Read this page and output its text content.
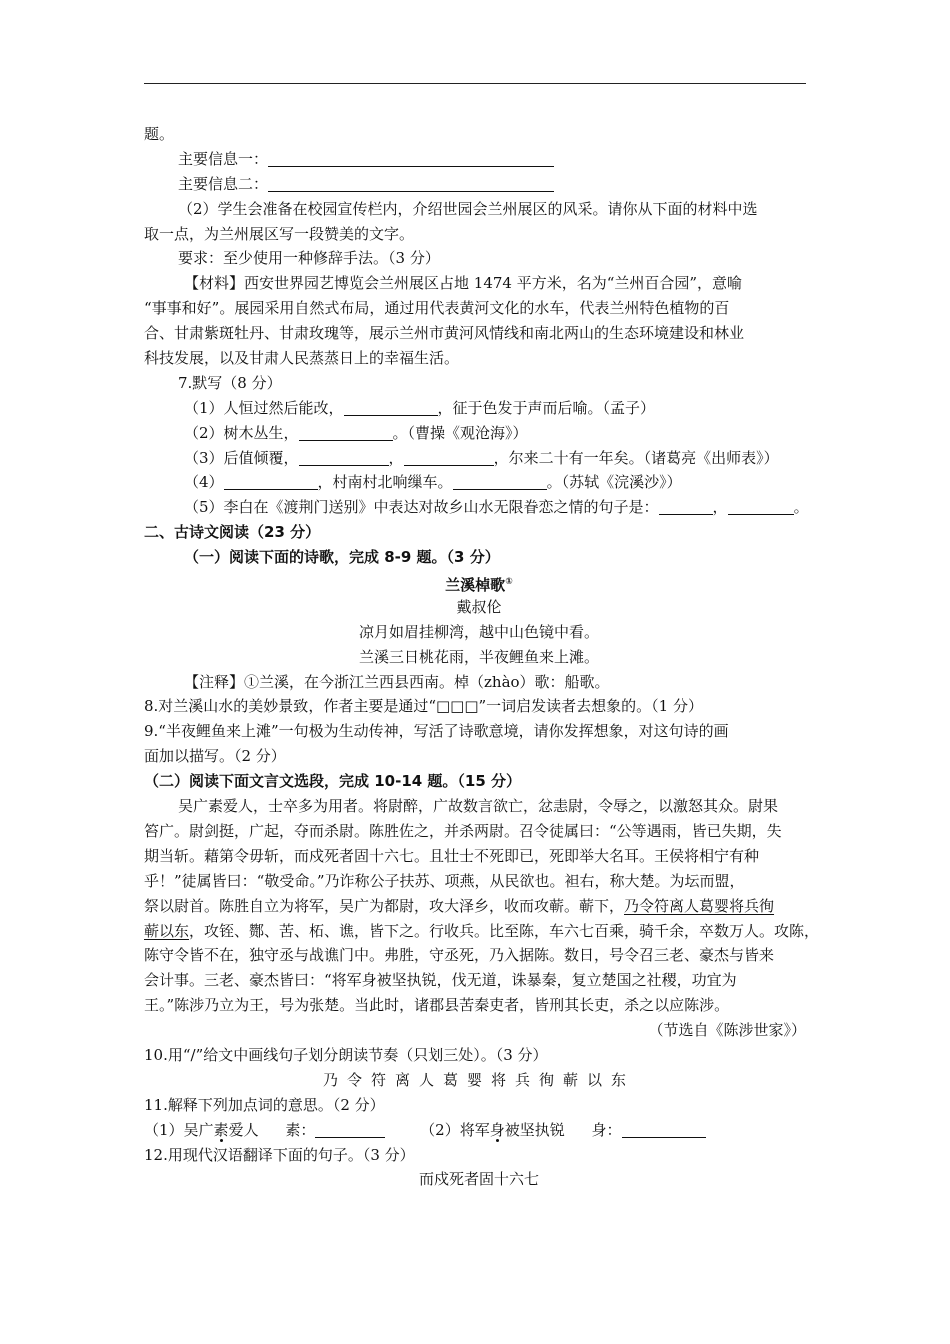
题。
主要信息一：
主要信息二：
（2）学生会准备在校园宣传栏内，介绍世园会兰州展区的风采。请你从下面的材料中选
取一点，为兰州展区写一段赞美的文字。
要求：至少使用一种修辞手法。（3 分）
【材料】西安世界园艺博览会兰州展区占地 1474 平方米，名为“兰州百合园”，意喻
“事事和好”。展园采用自然式布局，通过用代表黄河文化的水车，代表兰州特色植物的百
合、甘肃紫斑牡丹、甘肃玫瑰等，展示兰州市黄河风情线和南北两山的生态环境建设和林业
科技发展，以及甘肃人民蒸蒸日上的幸福生活。
7.默写（8 分）
（1）人恒过然后能改，	，征于色发于声而后喻。（孟子）
（2）树木丛生，	。（曹操《观沧海》）
（3）后值倾覆，	，	，尔来二十有一年矣。（诸葛亮《出师表》）
（4）	，村南村北响缫车。	。（苏轼《浣溪沙》）
（5）李白在《渡荆门送别》中表达对故乡山水无限眷恋之情的句子是：	，	。
二、古诗文阅读（23 分）
（一）阅读下面的诗歌，完成 8-9 题。（3 分）
兰溪棹歌①
戴叔伦
凉月如眉挂柳湾，越中山色镜中看。
兰溪三日桃花雨，半夜鲤鱼来上滩。
【注释】①兰溪，在今浙江兰西县西南。棹（zhào）歌：船歌。
8.对兰溪山水的美妙景致，作者主要是通过“□□□”一词启发读者去想象的。（1 分）
9.“半夜鲤鱼来上滩”一句极为生动传神，写活了诗歌意境，请你发挥想象，对这句诗的画
面加以描写。（2 分）
（二）阅读下面文言文选段，完成 10-14 题。（15 分）
吴广素爱人，士卒多为用者。将尉醉，广故数言欲亡，忿恚尉，令辱之，以激怒其众。尉果
笞广。尉剑挺，广起，夺而杀尉。陈胜佐之，并杀两尉。召令徒属曰：“公等遇雨，皆已失期，失
期当斩。藉第令毋斩，而戍死者固十六七。且壮士不死即已，死即举大名耳。王侯将相宁有种
乎！”徒属皆曰：“敬受命。”乃诈称公子扶苏、项燕，从民欲也。袒右，称大楚。为坛而盟，
祭以尉首。陈胜自立为将军，吴广为都尉，攻大泽乡，收而攻蕲。蕲下，乃令符离人葛婴将兵徇
蕲以东，攻铚、酂、苦、柘、谯，皆下之。行收兵。比至陈，车六七百乘，骑千余，卒数万人。攻陈，
陈守令皆不在，独守丞与战谯门中。弗胜，守丞死，乃入据陈。数日，号令召三老、豪杰与皆来
会计事。三老、豪杰皆曰：“将军身被坚执锐，伐无道，诛暴秦，复立楚国之社稷，功宜为
王。”陈涉乃立为王，号为张楚。当此时，诸郡县苦秦吏者，皆刑其长吏，杀之以应陈涉。
（节选自《陈涉世家》）
10.用“/”给文中画线句子划分朗读节奏（只划三处）。（3 分）
乃令符离人葛婴将兵徇蕲以东
11.解释下列加点词的意思。（2 分）
（1）吴广素爱人 素：	（2）将军身被坚执锐 身：
12.用现代汉语翻译下面的句子。（3 分）
而戍死者固十六七
